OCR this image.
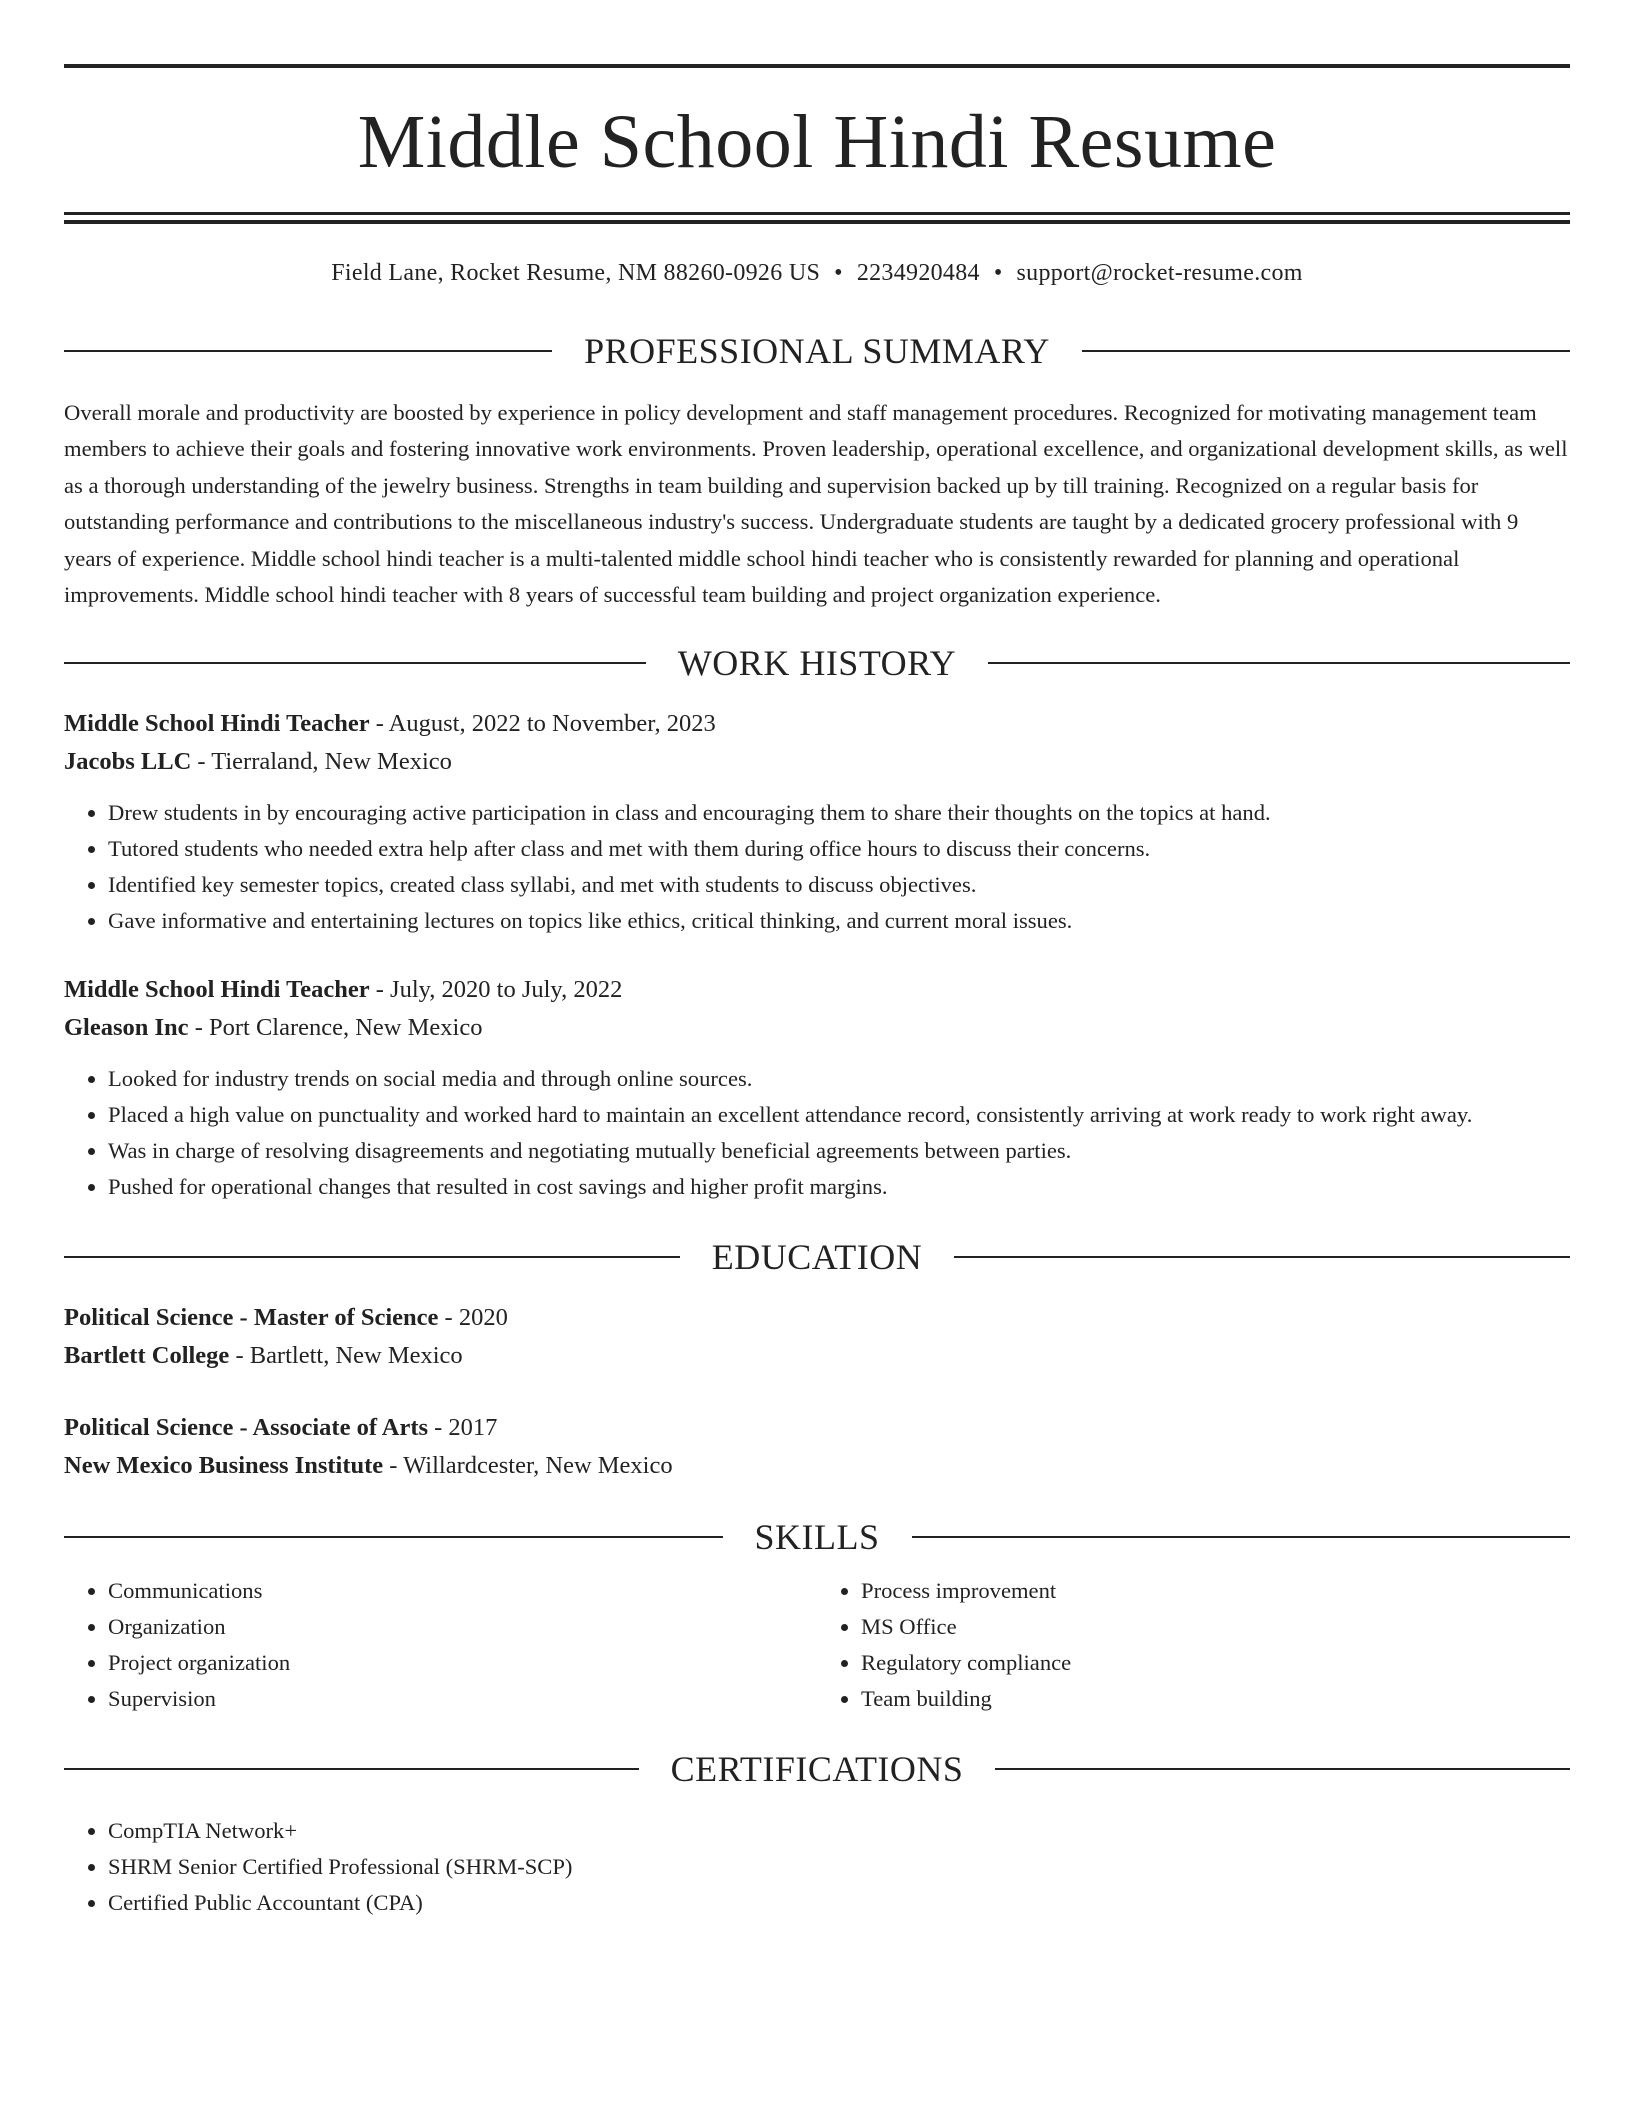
Middle School Hindi Resume
Field Lane, Rocket Resume, NM 88260-0926 US • 2234920484 • support@rocket-resume.com
PROFESSIONAL SUMMARY
Overall morale and productivity are boosted by experience in policy development and staff management procedures. Recognized for motivating management team members to achieve their goals and fostering innovative work environments. Proven leadership, operational excellence, and organizational development skills, as well as a thorough understanding of the jewelry business. Strengths in team building and supervision backed up by till training. Recognized on a regular basis for outstanding performance and contributions to the miscellaneous industry's success. Undergraduate students are taught by a dedicated grocery professional with 9 years of experience. Middle school hindi teacher is a multi-talented middle school hindi teacher who is consistently rewarded for planning and operational improvements. Middle school hindi teacher with 8 years of successful team building and project organization experience.
WORK HISTORY
Middle School Hindi Teacher - August, 2022 to November, 2023
Jacobs LLC - Tierraland, New Mexico
• Drew students in by encouraging active participation in class and encouraging them to share their thoughts on the topics at hand.
• Tutored students who needed extra help after class and met with them during office hours to discuss their concerns.
• Identified key semester topics, created class syllabi, and met with students to discuss objectives.
• Gave informative and entertaining lectures on topics like ethics, critical thinking, and current moral issues.
Middle School Hindi Teacher - July, 2020 to July, 2022
Gleason Inc - Port Clarence, New Mexico
• Looked for industry trends on social media and through online sources.
• Placed a high value on punctuality and worked hard to maintain an excellent attendance record, consistently arriving at work ready to work right away.
• Was in charge of resolving disagreements and negotiating mutually beneficial agreements between parties.
• Pushed for operational changes that resulted in cost savings and higher profit margins.
EDUCATION
Political Science - Master of Science - 2020
Bartlett College - Bartlett, New Mexico
Political Science - Associate of Arts - 2017
New Mexico Business Institute - Willardcester, New Mexico
SKILLS
• Communications
• Organization
• Project organization
• Supervision
• Process improvement
• MS Office
• Regulatory compliance
• Team building
CERTIFICATIONS
• CompTIA Network+
• SHRM Senior Certified Professional (SHRM-SCP)
• Certified Public Accountant (CPA)
